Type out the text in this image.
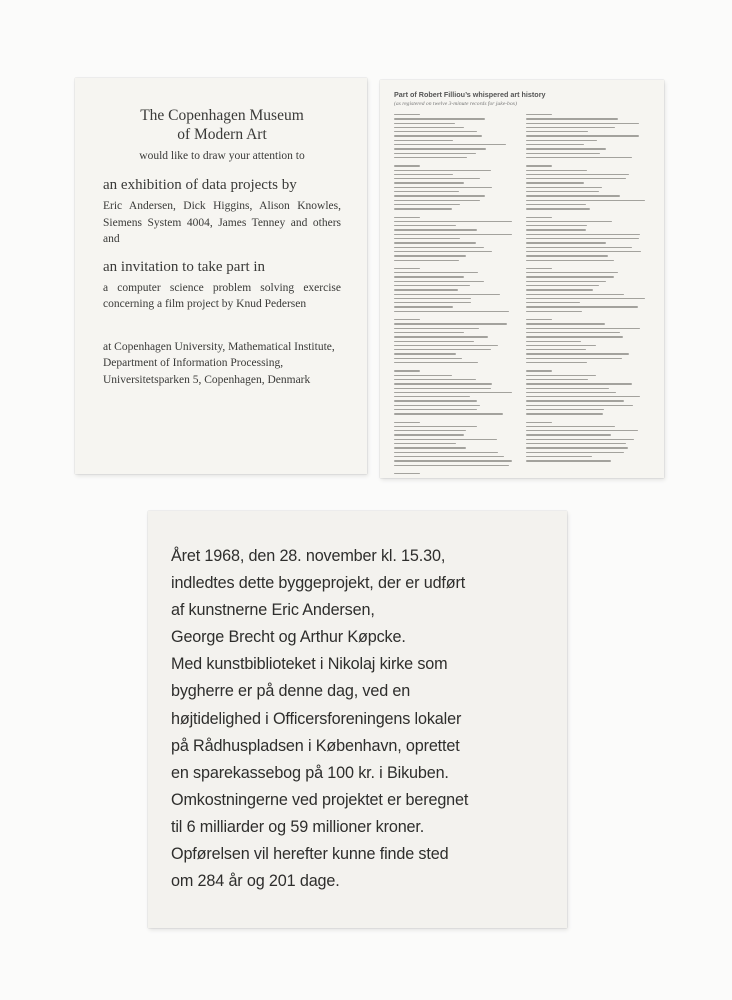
The Copenhagen Museum

of Modern Art

would like to draw your attention to

an exhibition of data projects by

Eric Andersen, Dick Higgins, Alison Knowles, Siemens System 4004, James Tenney and others and

an invitation to take part in

a computer science problem solving exercise concerning a film project by Knud Pedersen

at Copenhagen University, Mathematical Institute, Department of Information Processing, Universitetsparken 5, Copenhagen, Denmark

Part of Robert Filliou’s whispered art history

(as registered on twelve 3-minute records for juke-box)

Året 1968, den 28. november kl. 15.30,

indledtes dette byggeprojekt, der er udført

af kunstnerne Eric Andersen,

George Brecht og Arthur Køpcke.

Med kunstbiblioteket i Nikolaj kirke som

bygherre er på denne dag, ved en

højtidelighed i Officersforeningens lokaler

på Rådhuspladsen i København, oprettet

en sparekassebog på 100 kr. i Bikuben.

Omkostningerne ved projektet er beregnet

til 6 milliarder og 59 millioner kroner.

Opførelsen vil herefter kunne finde sted

om 284 år og 201 dage.
